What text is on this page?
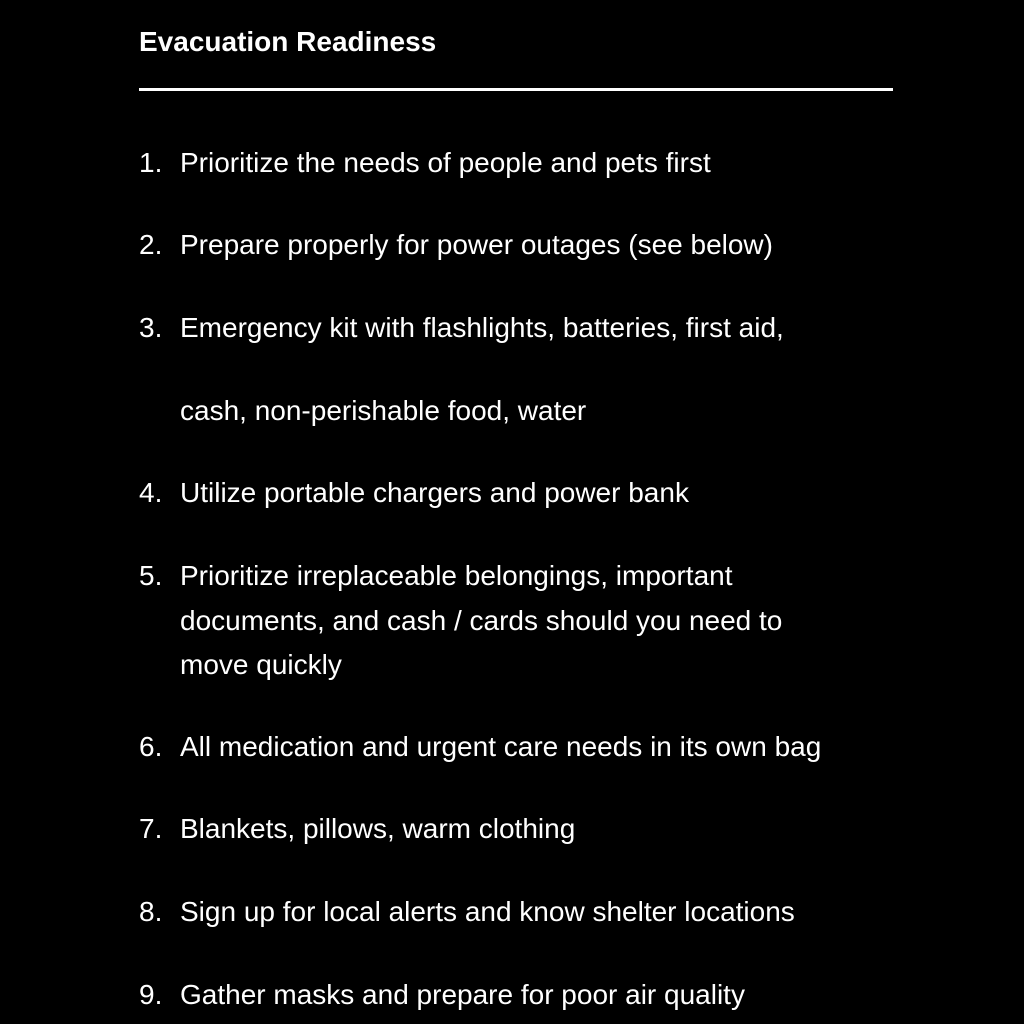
Evacuation Readiness
1. Prioritize the needs of people and pets first
2. Prepare properly for power outages (see below)
3. Emergency kit with flashlights, batteries, first aid,
cash, non-perishable food, water
4. Utilize portable chargers and power bank
5. Prioritize irreplaceable belongings, important
documents, and cash / cards should you need to
move quickly
6. All medication and urgent care needs in its own bag
7. Blankets, pillows, warm clothing
8. Sign up for local alerts and know shelter locations
9. Gather masks and prepare for poor air quality
